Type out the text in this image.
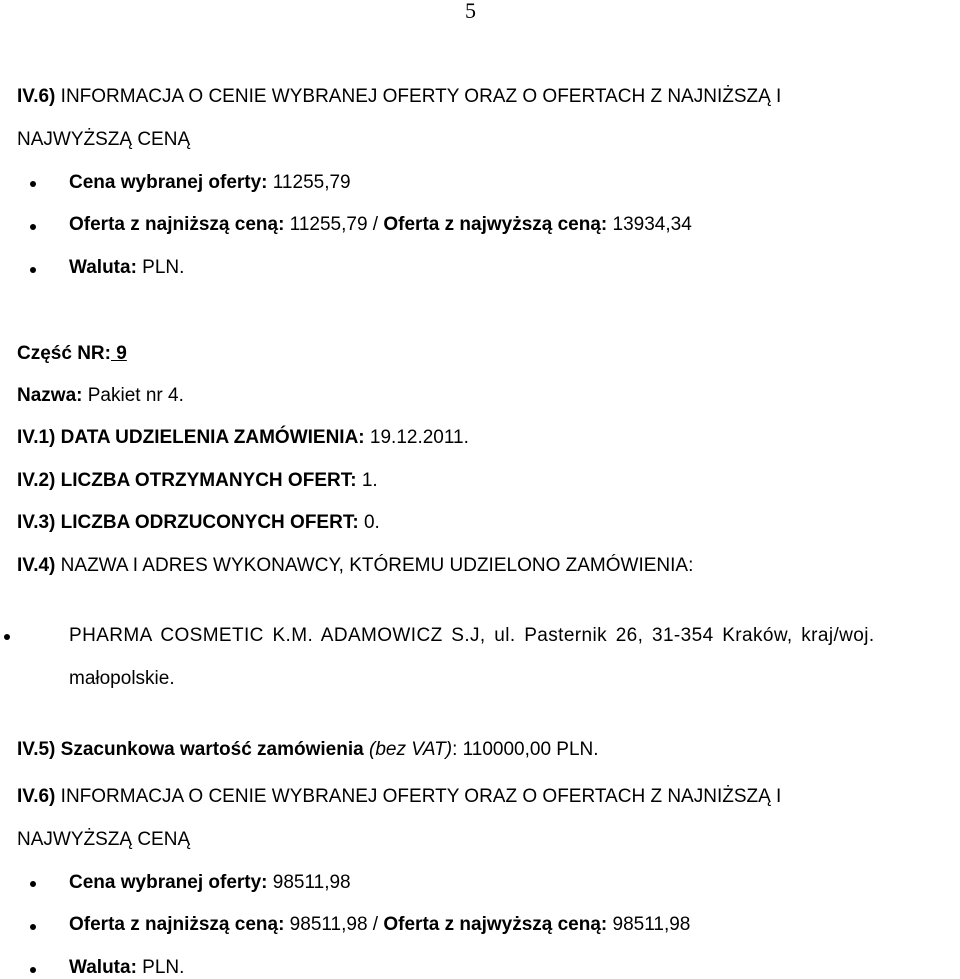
5
IV.6) INFORMACJA O CENIE WYBRANEJ OFERTY ORAZ O OFERTACH Z NAJNIŻSZĄ I
NAJWYŻSZĄ CENĄ
Cena wybranej oferty: 11255,79
Oferta z najniższą ceną: 11255,79 / Oferta z najwyższą ceną: 13934,34
Waluta: PLN.
Część NR: 9
Nazwa: Pakiet nr 4.
IV.1) DATA UDZIELENIA ZAMÓWIENIA: 19.12.2011.
IV.2) LICZBA OTRZYMANYCH OFERT: 1.
IV.3) LICZBA ODRZUCONYCH OFERT: 0.
IV.4) NAZWA I ADRES WYKONAWCY, KTÓREMU UDZIELONO ZAMÓWIENIA:
PHARMA COSMETIC K.M. ADAMOWICZ S.J, ul. Pasternik 26, 31-354 Kraków, kraj/woj.
małopolskie.
IV.5) Szacunkowa wartość zamówienia (bez VAT): 110000,00 PLN.
IV.6) INFORMACJA O CENIE WYBRANEJ OFERTY ORAZ O OFERTACH Z NAJNIŻSZĄ I
NAJWYŻSZĄ CENĄ
Cena wybranej oferty: 98511,98
Oferta z najniższą ceną: 98511,98 / Oferta z najwyższą ceną: 98511,98
Waluta: PLN.
